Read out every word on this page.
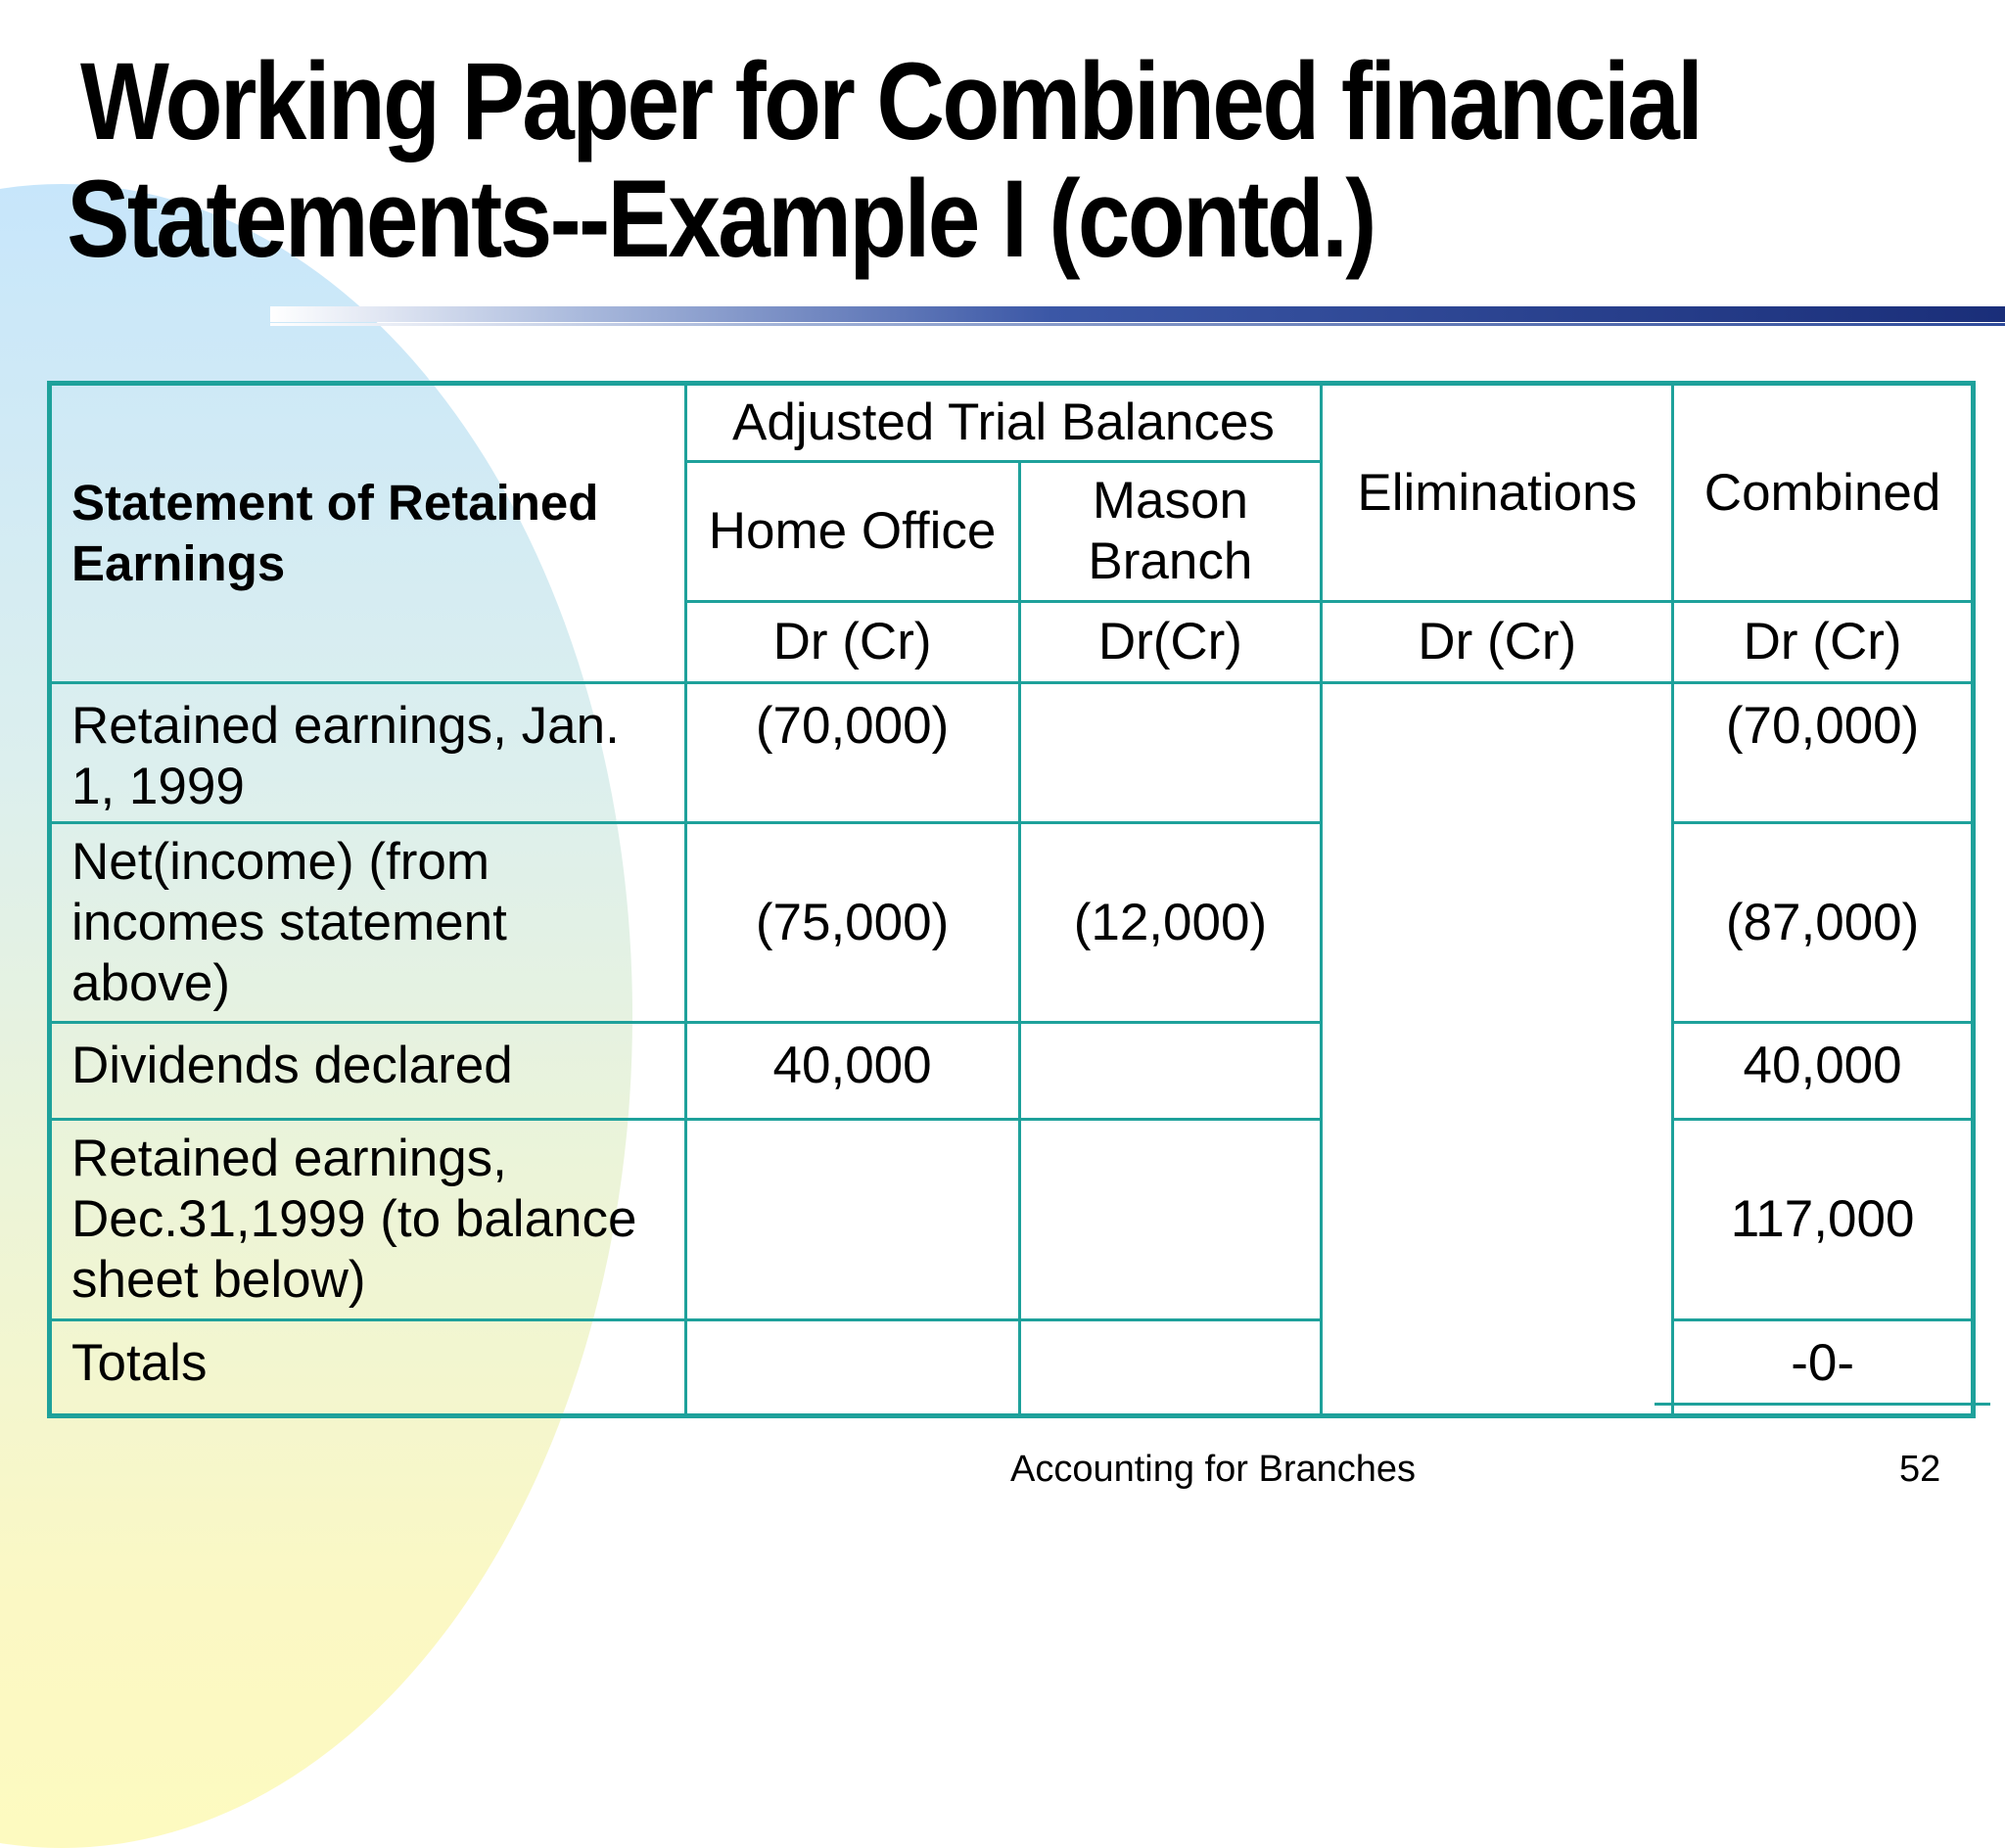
Working Paper for Combined financial
Statements--Example I (contd.)
Statement of Retained Earnings	Adjusted Trial Balances		Eliminations	Combined
	Home Office	Mason Branch		
	Dr (Cr)	Dr(Cr)	Dr (Cr)	Dr (Cr)
Retained earnings, Jan. 1, 1999	(70,000)			(70,000)
Net(income) (from incomes statement above)	(75,000)	(12,000)		(87,000)
Dividends declared	40,000			40,000
Retained earnings, Dec.31,1999 (to balance sheet below)				117,000
Totals				-0-
Accounting for Branches	52
